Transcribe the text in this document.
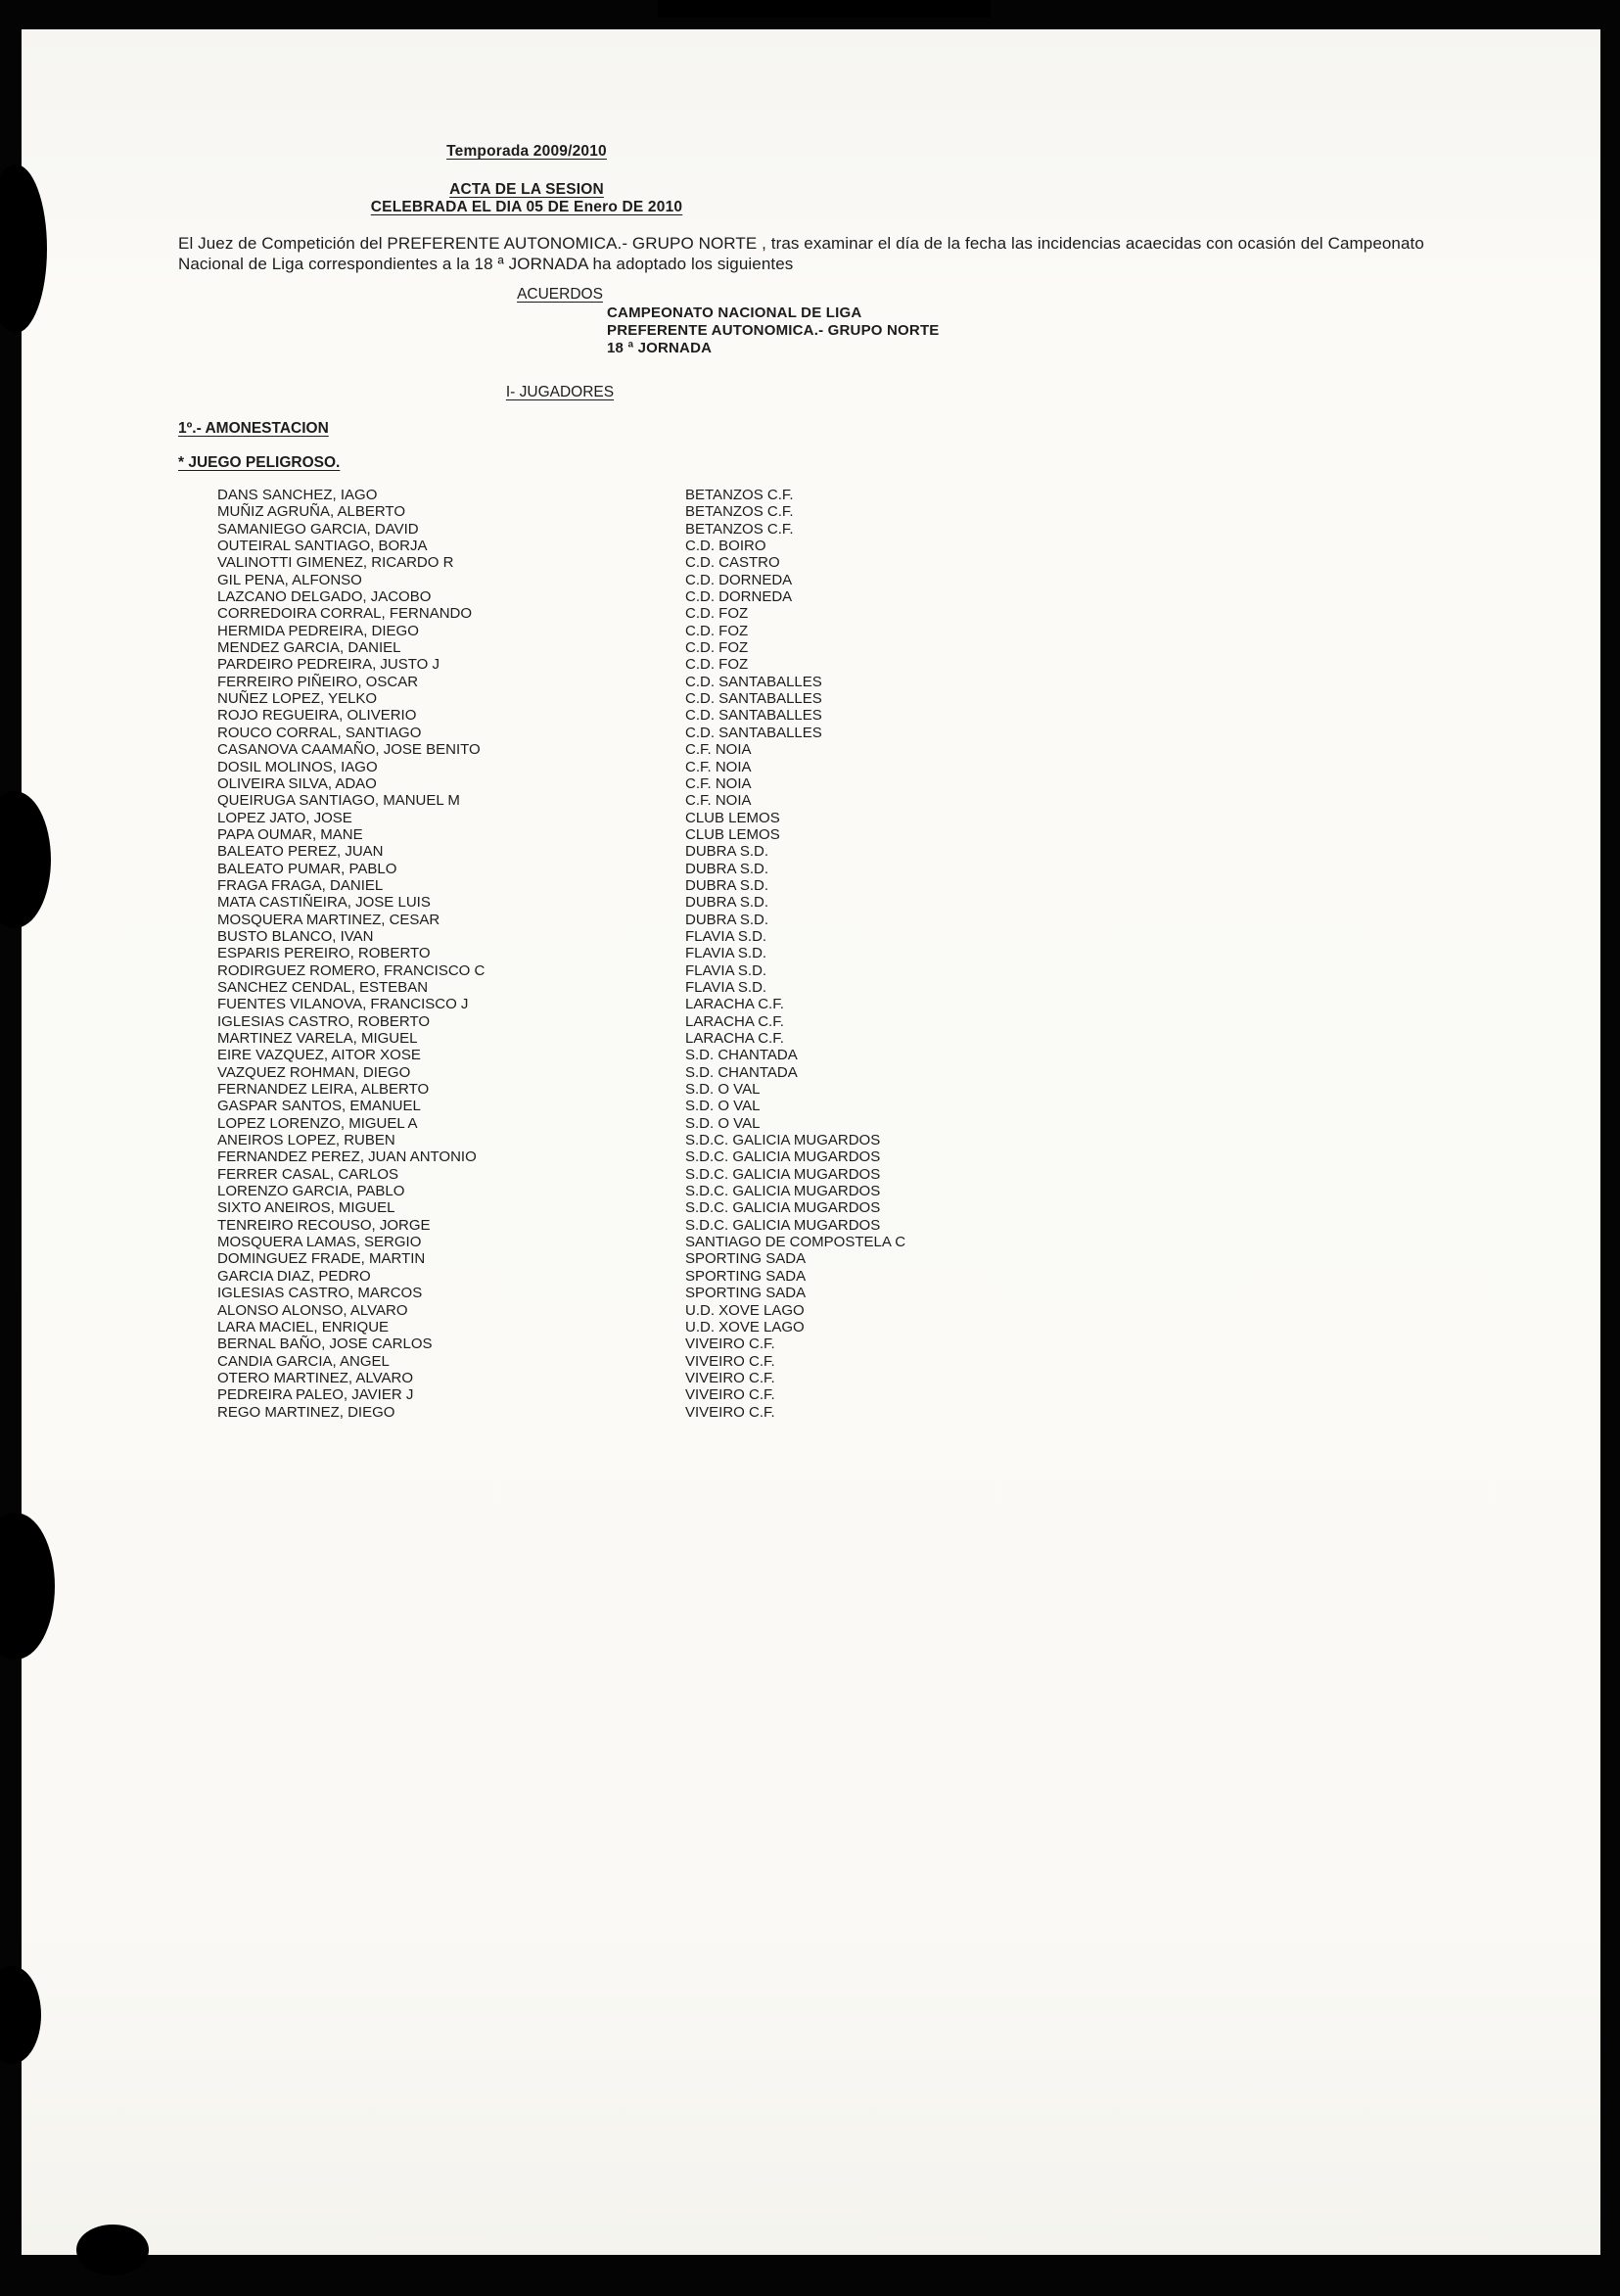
Temporada 2009/2010
ACTA DE LA SESION
CELEBRADA EL DIA 05 DE Enero DE 2010

El Juez de Competición del PREFERENTE AUTONOMICA.- GRUPO NORTE , tras examinar el día de la fecha las incidencias acaecidas con ocasión del Campeonato Nacional de Liga correspondientes a la 18 ª JORNADA ha adoptado los siguientes

ACUERDOS
CAMPEONATO NACIONAL DE LIGA
PREFERENTE AUTONOMICA.- GRUPO NORTE
18 ª JORNADA
I- JUGADORES
1º.- AMONESTACION
* JUEGO PELIGROSO.
DANS SANCHEZ, IAGO	BETANZOS C.F.
MUÑIZ AGRUÑA, ALBERTO	BETANZOS C.F.
SAMANIEGO GARCIA, DAVID	BETANZOS C.F.
OUTEIRAL SANTIAGO, BORJA	C.D. BOIRO
VALINOTTI GIMENEZ, RICARDO R	C.D. CASTRO
GIL PENA, ALFONSO	C.D. DORNEDA
LAZCANO DELGADO, JACOBO	C.D. DORNEDA
CORREDOIRA CORRAL, FERNANDO	C.D. FOZ
HERMIDA PEDREIRA, DIEGO	C.D. FOZ
MENDEZ GARCIA, DANIEL	C.D. FOZ
PARDEIRO PEDREIRA, JUSTO J	C.D. FOZ
FERREIRO PIÑEIRO, OSCAR	C.D. SANTABALLES
NUÑEZ LOPEZ, YELKO	C.D. SANTABALLES
ROJO REGUEIRA, OLIVERIO	C.D. SANTABALLES
ROUCO CORRAL, SANTIAGO	C.D. SANTABALLES
CASANOVA CAAMAÑO, JOSE BENITO	C.F. NOIA
DOSIL MOLINOS, IAGO	C.F. NOIA
OLIVEIRA SILVA, ADAO	C.F. NOIA
QUEIRUGA SANTIAGO, MANUEL M	C.F. NOIA
LOPEZ JATO, JOSE	CLUB LEMOS
PAPA OUMAR, MANE	CLUB LEMOS
BALEATO PEREZ, JUAN	DUBRA S.D.
BALEATO PUMAR, PABLO	DUBRA S.D.
FRAGA FRAGA, DANIEL	DUBRA S.D.
MATA CASTIÑEIRA, JOSE LUIS	DUBRA S.D.
MOSQUERA MARTINEZ, CESAR	DUBRA S.D.
BUSTO BLANCO, IVAN	FLAVIA S.D.
ESPARIS PEREIRO, ROBERTO	FLAVIA S.D.
RODIRGUEZ ROMERO, FRANCISCO C	FLAVIA S.D.
SANCHEZ CENDAL, ESTEBAN	FLAVIA S.D.
FUENTES VILANOVA, FRANCISCO J	LARACHA C.F.
IGLESIAS CASTRO, ROBERTO	LARACHA C.F.
MARTINEZ VARELA, MIGUEL	LARACHA C.F.
EIRE VAZQUEZ, AITOR XOSE	S.D. CHANTADA
VAZQUEZ ROHMAN, DIEGO	S.D. CHANTADA
FERNANDEZ LEIRA, ALBERTO	S.D. O VAL
GASPAR SANTOS, EMANUEL	S.D. O VAL
LOPEZ LORENZO, MIGUEL A	S.D. O VAL
ANEIROS LOPEZ, RUBEN	S.D.C. GALICIA MUGARDOS
FERNANDEZ PEREZ, JUAN ANTONIO	S.D.C. GALICIA MUGARDOS
FERRER CASAL, CARLOS	S.D.C. GALICIA MUGARDOS
LORENZO GARCIA, PABLO	S.D.C. GALICIA MUGARDOS
SIXTO ANEIROS, MIGUEL	S.D.C. GALICIA MUGARDOS
TENREIRO RECOUSO, JORGE	S.D.C. GALICIA MUGARDOS
MOSQUERA LAMAS, SERGIO	SANTIAGO DE COMPOSTELA C
DOMINGUEZ FRADE, MARTIN	SPORTING SADA
GARCIA DIAZ, PEDRO	SPORTING SADA
IGLESIAS CASTRO, MARCOS	SPORTING SADA
ALONSO ALONSO, ALVARO	U.D. XOVE LAGO
LARA MACIEL, ENRIQUE	U.D. XOVE LAGO
BERNAL BAÑO, JOSE CARLOS	VIVEIRO C.F.
CANDIA GARCIA, ANGEL	VIVEIRO C.F.
OTERO MARTINEZ, ALVARO	VIVEIRO C.F.
PEDREIRA PALEO, JAVIER J	VIVEIRO C.F.
REGO MARTINEZ, DIEGO	VIVEIRO C.F.
